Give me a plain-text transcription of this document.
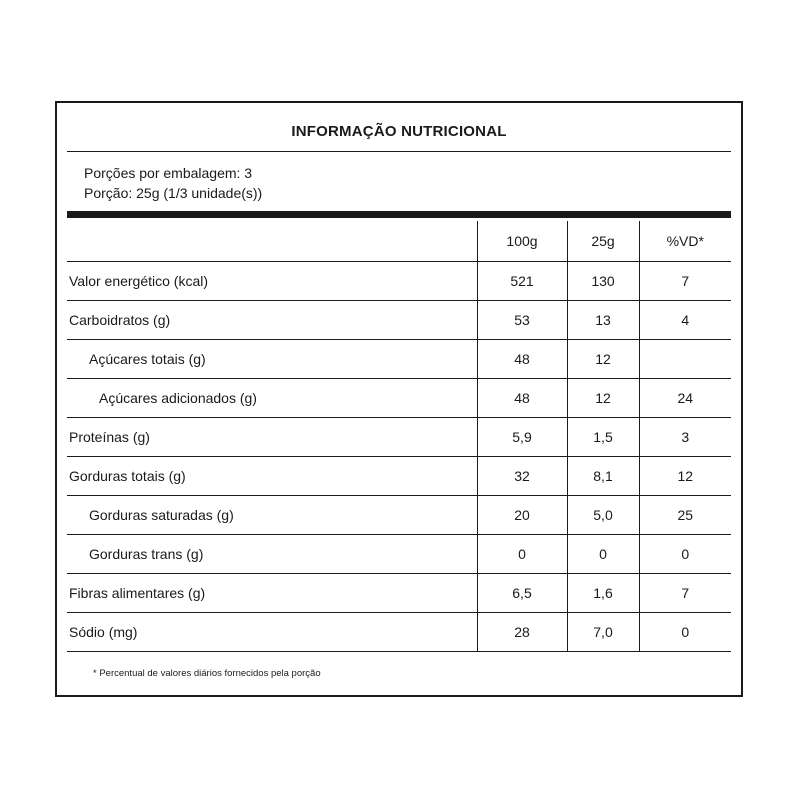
INFORMAÇÃO NUTRICIONAL
Porções por embalagem: 3
Porção: 25g (1/3 unidade(s))
	100g	25g	%VD*
Valor energético (kcal)	521	130	7
Carboidratos (g)	53	13	4
Açúcares totais (g)	48	12	
Açúcares adicionados (g)	48	12	24
Proteínas (g)	5,9	1,5	3
Gorduras totais (g)	32	8,1	12
Gorduras saturadas (g)	20	5,0	25
Gorduras trans (g)	0	0	0
Fibras alimentares (g)	6,5	1,6	7
Sódio (mg)	28	7,0	0
* Percentual de valores diários fornecidos pela porção
